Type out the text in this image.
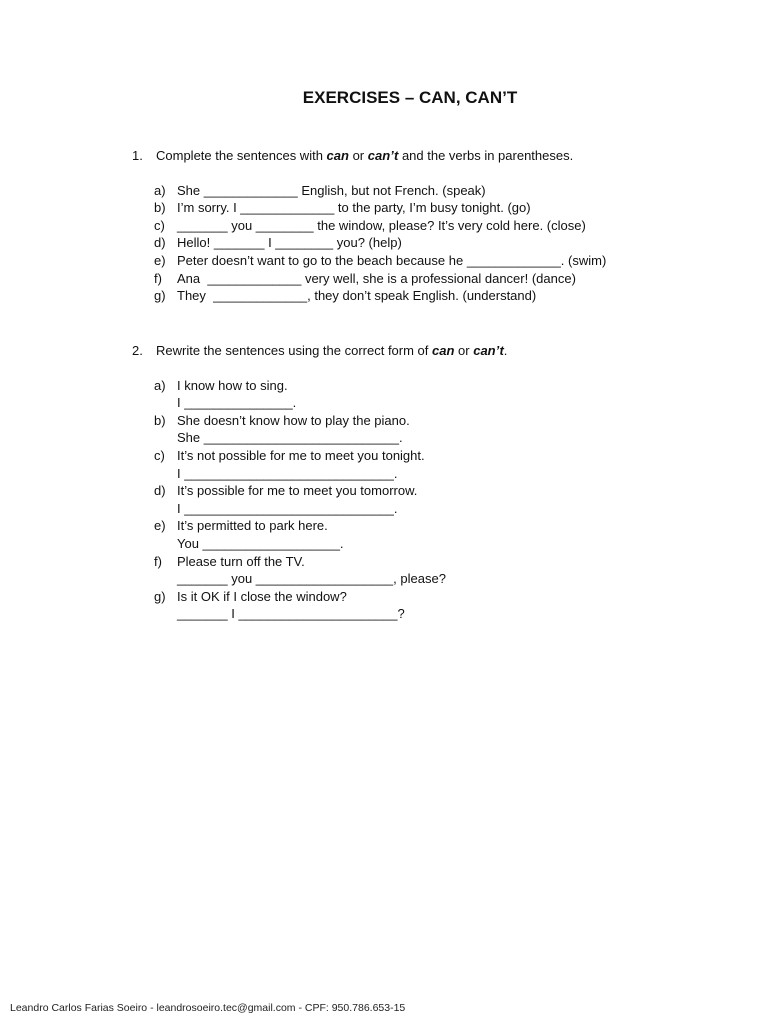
EXERCISES – CAN, CAN’T
1.	Complete the sentences with can or can’t and the verbs in parentheses.
a) She _____________ English, but not French. (speak)
b) I’m sorry. I _____________ to the party, I’m busy tonight. (go)
c) _______ you ________ the window, please? It’s very cold here. (close)
d) Hello! _______ I ________ you? (help)
e) Peter doesn’t want to go to the beach because he _____________. (swim)
f)	Ana  _____________ very well, she is a professional dancer! (dance)
g) They  _____________, they don’t speak English. (understand)
2.	Rewrite the sentences using the correct form of can or can’t.
a) I know how to sing.
I _______________.
b) She doesn’t know how to play the piano.
She ___________________________.
c) It’s not possible for me to meet you tonight.
I _____________________________.
d) It’s possible for me to meet you tomorrow.
I _____________________________.
e) It’s permitted to park here.
You ___________________.
f)	Please turn off the TV.
_______ you ___________________, please?
g) Is it OK if I close the window?
_______ I ______________________?
Leandro Carlos Farias Soeiro - leandrosoeiro.tec@gmail.com - CPF: 950.786.653-15
